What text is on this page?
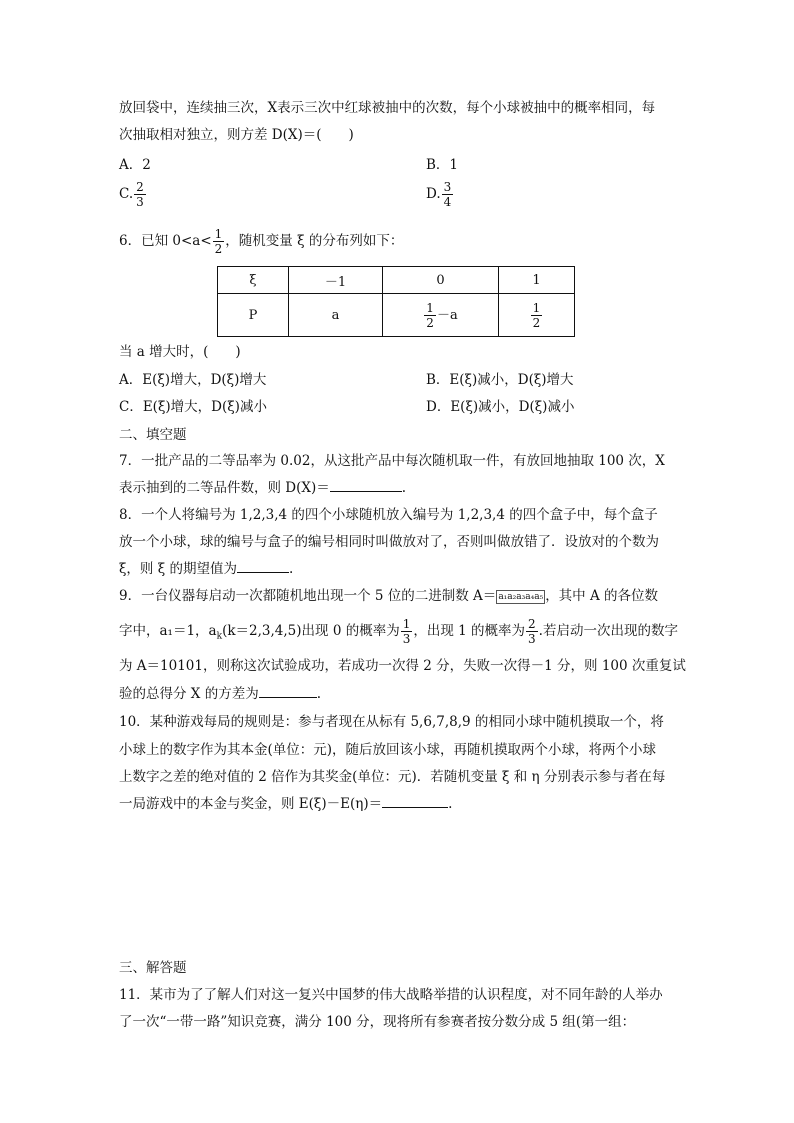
放回袋中，连续抽三次，X表示三次中红球被抽中的次数，每个小球被抽中的概率相同，每
次抽取相对独立，则方差 D(X)＝(　　)
A．2	B．1
C. $\frac{2}{3}$	D. $\frac{3}{4}$
6．已知 $0<a< \frac{1}{2}$ ，随机变量 ξ 的分布列如下：
ξ	－1	0	1
P	a	$\frac{1}{2} -a$	$\frac{1}{2}$
当 a 增大时，(　　)
A．E(ξ)增大，D(ξ)增大	B．E(ξ)减小，D(ξ)增大
C．E(ξ)增大，D(ξ)减小	D．E(ξ)减小，D(ξ)减小
二、填空题
7．一批产品的二等品率为 0.02，从这批产品中每次随机取一件，有放回地抽取 100 次，X
表示抽到的二等品件数，则 D(X)＝	.
8．一个人将编号为 1,2,3,4 的四个小球随机放入编号为 1,2,3,4 的四个盒子中，每个盒子
放一个小球，球的编号与盒子的编号相同时叫做放对了，否则叫做放错了．设放对的个数为
ξ，则 ξ 的期望值为	.
9．一台仪器每启动一次都随机地出现一个 5 位的二进制数 A＝ a₁a₂a₃a₄a₅ ，其中 A 的各位数
字中，a₁＝1，$a_k(k=2,3,4,5)$出现 0 的概率为 $\frac{1}{3}$ ，出现 1 的概率为 $\frac{2}{3}$ .若启动一次出现的数字
为 A＝10101，则称这次试验成功，若成功一次得 2 分，失败一次得－1 分，则 100 次重复试
验的总得分 X 的方差为	.
10．某种游戏每局的规则是：参与者现在从标有 5,6,7,8,9 的相同小球中随机摸取一个，将
小球上的数字作为其本金(单位：元)，随后放回该小球，再随机摸取两个小球，将两个小球
上数字之差的绝对值的 2 倍作为其奖金(单位：元)．若随机变量 ξ 和 η 分别表示参与者在每
一局游戏中的本金与奖金，则 E(ξ)－E(η)＝	.
三、解答题
11．某市为了了解人们对这一复兴中国梦的伟大战略举措的认识程度，对不同年龄的人举办
了一次“一带一路”知识竞赛，满分 100 分，现将所有参赛者按分数分成 5 组(第一组：
